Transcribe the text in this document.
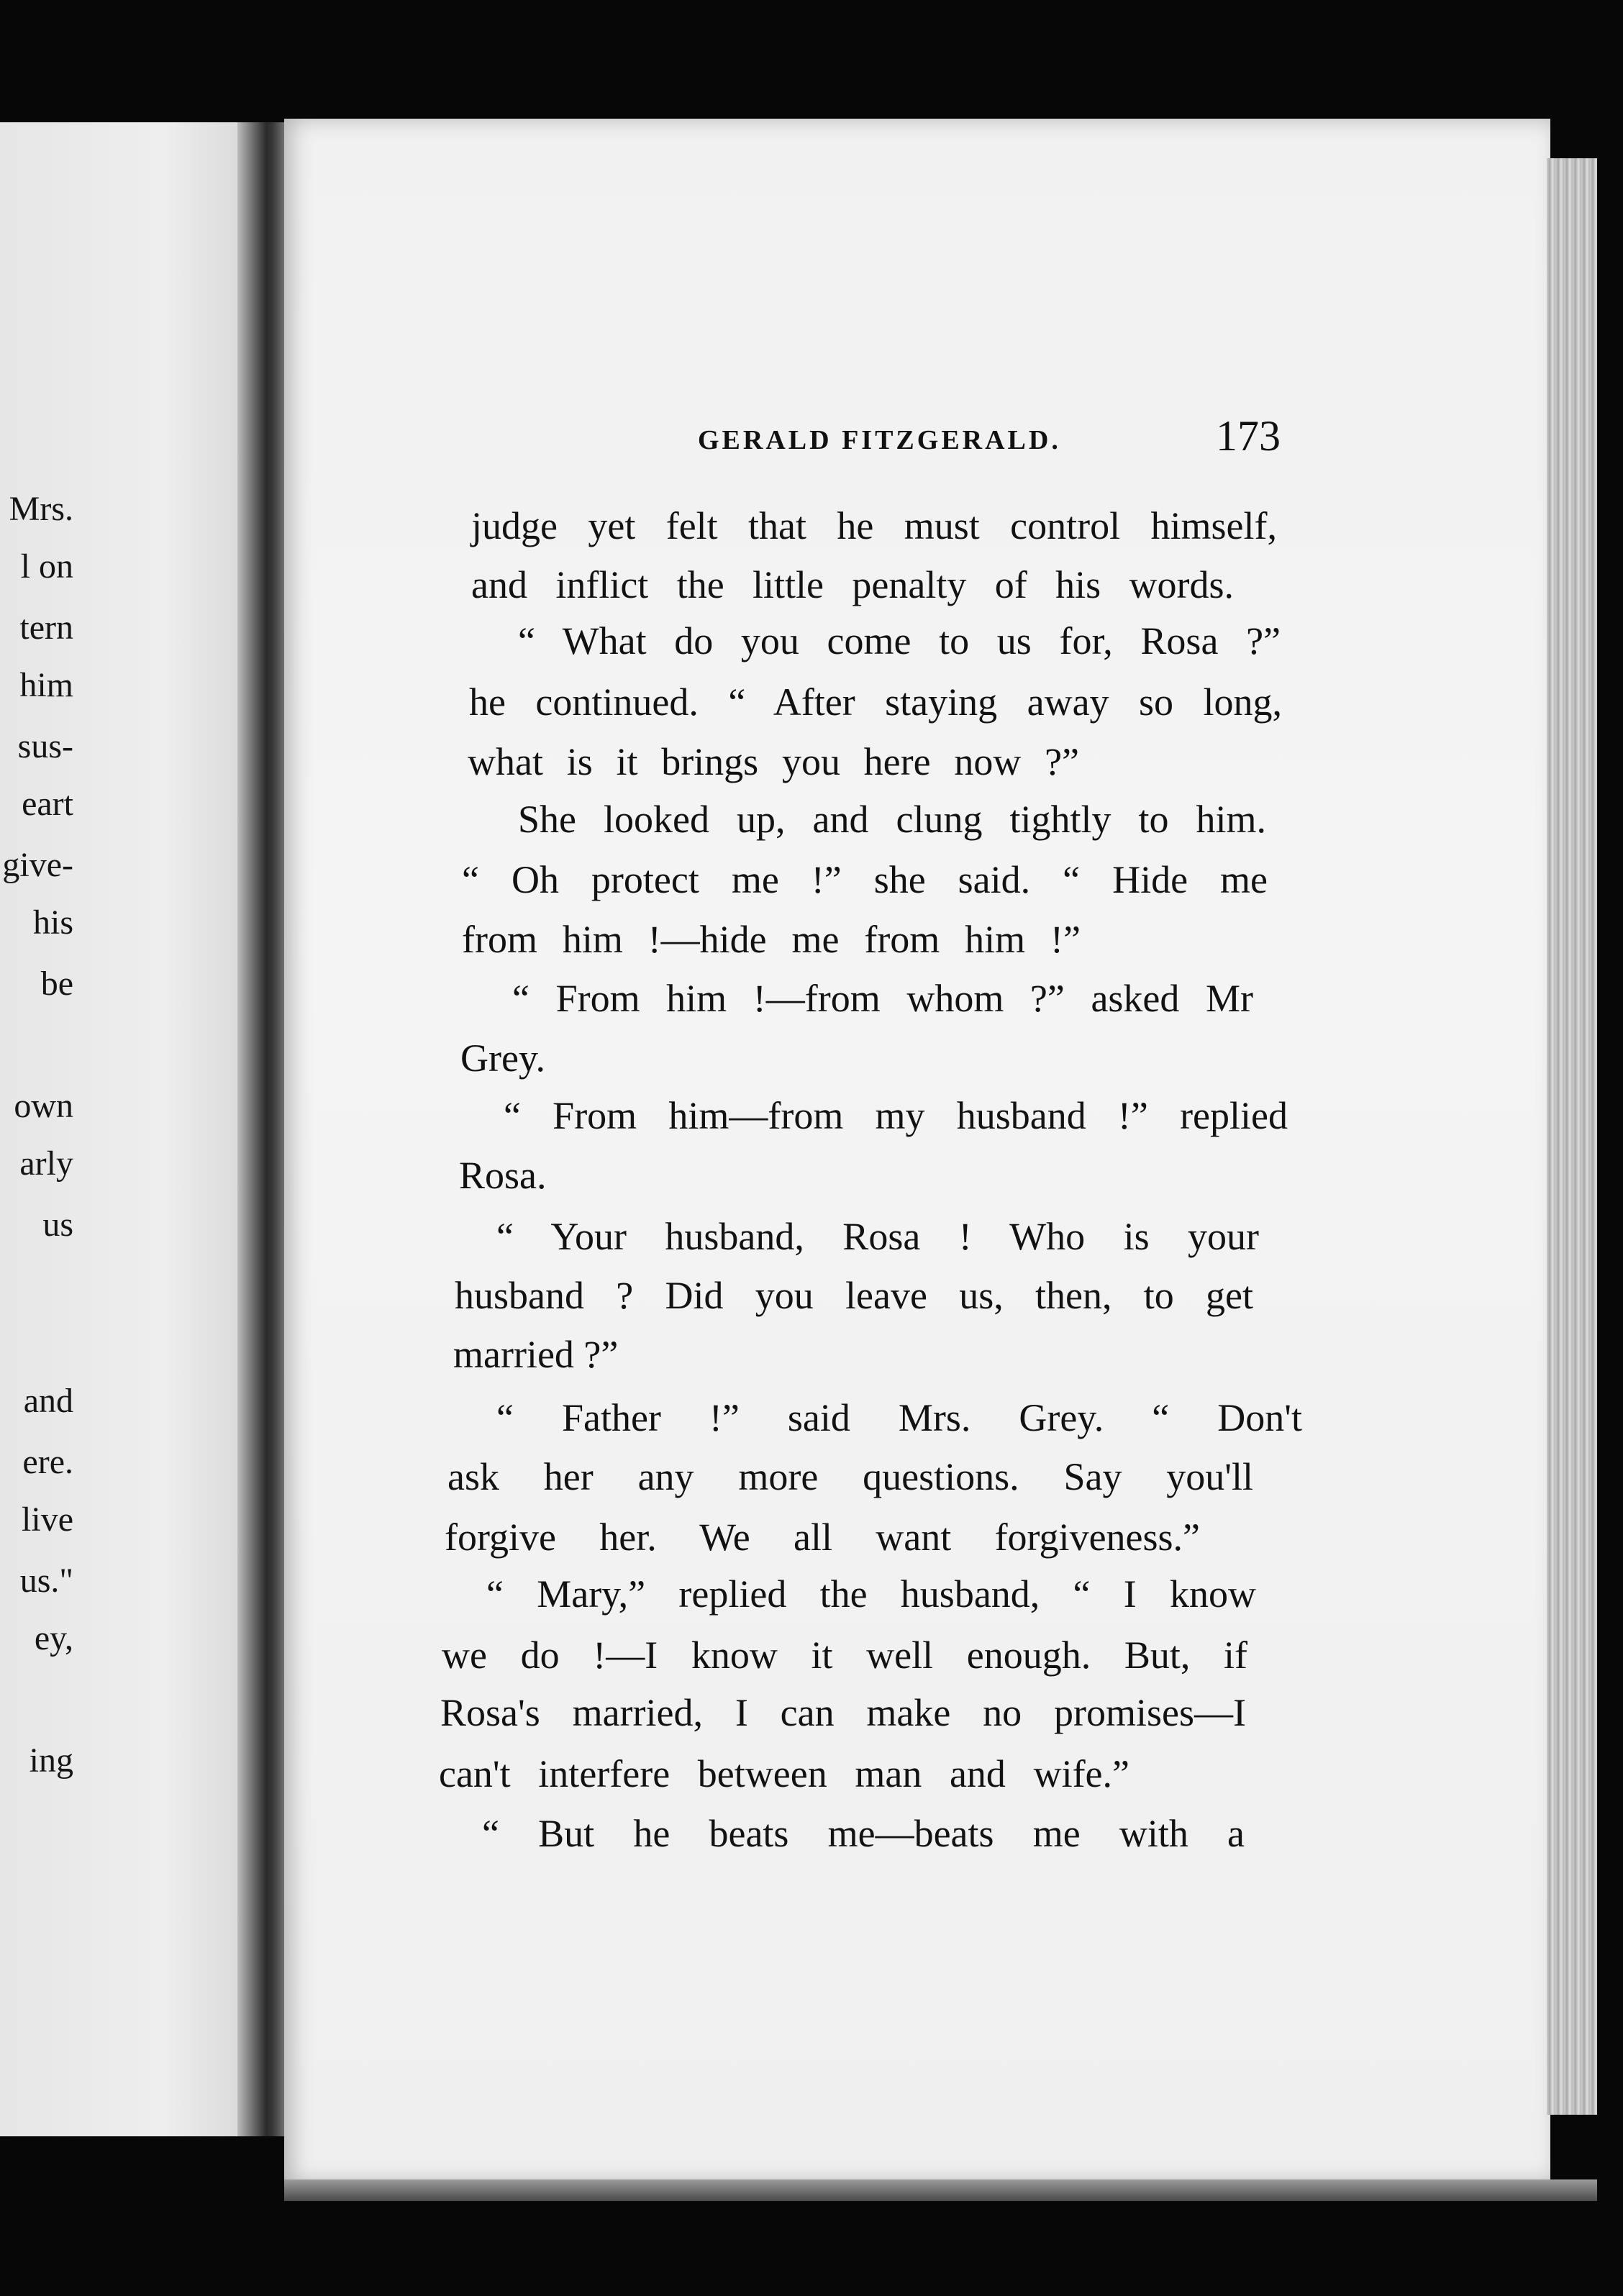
Mrs.
l on
tern
him
sus-
eart
give-
his
be
own
arly
us
and
ere.
live
us."
ey,
ing
GERALD FITZGERALD.	173
judge yet felt that he must control himself,
and inflict the little penalty of his words.
“ What do you come to us for, Rosa ?”
he continued. “ After staying away so long,
what is it brings you here now ?”
She looked up, and clung tightly to him.
“ Oh protect me !” she said. “ Hide me
from him !—hide me from him !”
“ From him !—from whom ?” asked Mr
Grey.
“ From him—from my husband !” replied
Rosa.
“ Your husband, Rosa ! Who is your
husband ? Did you leave us, then, to get
married ?”
“ Father !” said Mrs. Grey. “ Don't
ask her any more questions. Say you'll
forgive her. We all want forgiveness.”
“ Mary,” replied the husband, “ I know
we do !—I know it well enough. But, if
Rosa's married, I can make no promises—I
can't interfere between man and wife.”
“ But he beats me—beats me with a
